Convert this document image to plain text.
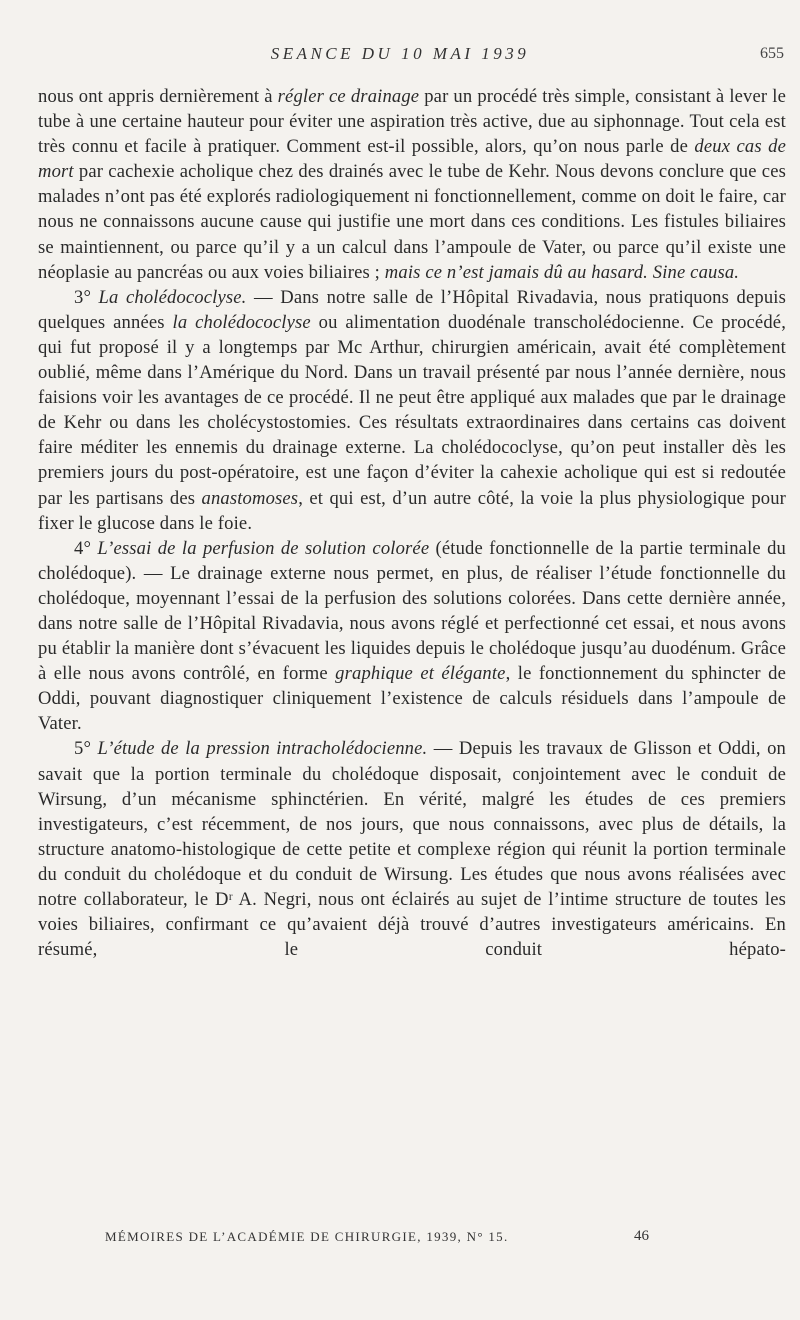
SEANCE DU 10 MAI 1939	655

nous ont appris dernièrement à régler ce drainage par un procédé très simple, consistant à lever le tube à une certaine hauteur pour éviter une aspiration très active, due au siphonnage. Tout cela est très connu et facile à pratiquer. Comment est-il possible, alors, qu’on nous parle de deux cas de mort par cachexie acholique chez des drainés avec le tube de Kehr. Nous devons conclure que ces malades n’ont pas été explorés radiologiquement ni fonctionnellement, comme on doit le faire, car nous ne connaissons aucune cause qui justifie une mort dans ces conditions. Les fistules biliaires se maintiennent, ou parce qu’il y a un calcul dans l’ampoule de Vater, ou parce qu’il existe une néoplasie au pancréas ou aux voies biliaires ; mais ce n’est jamais dû au hasard. Sine causa.

3° La cholédococlyse. — Dans notre salle de l’Hôpital Rivadavia, nous pratiquons depuis quelques années la cholédococlyse ou alimentation duodénale transcholédocienne. Ce procédé, qui fut proposé il y a longtemps par Mc Arthur, chirurgien américain, avait été complètement oublié, même dans l’Amérique du Nord. Dans un travail présenté par nous l’année dernière, nous faisions voir les avantages de ce procédé. Il ne peut être appliqué aux malades que par le drainage de Kehr ou dans les cholécystostomies. Ces résultats extraordinaires dans certains cas doivent faire méditer les ennemis du drainage externe. La cholédococlyse, qu’on peut installer dès les premiers jours du post-opératoire, est une façon d’éviter la cahexie acholique qui est si redoutée par les partisans des anastomoses, et qui est, d’un autre côté, la voie la plus physiologique pour fixer le glucose dans le foie.

4° L’essai de la perfusion de solution colorée (étude fonctionnelle de la partie terminale du cholédoque). — Le drainage externe nous permet, en plus, de réaliser l’étude fonctionnelle du cholédoque, moyennant l’essai de la perfusion des solutions colorées. Dans cette dernière année, dans notre salle de l’Hôpital Rivadavia, nous avons réglé et perfectionné cet essai, et nous avons pu établir la manière dont s’évacuent les liquides depuis le cholédoque jusqu’au duodénum. Grâce à elle nous avons contrôlé, en forme graphique et élégante, le fonctionnement du sphincter de Oddi, pouvant diagnostiquer cliniquement l’existence de calculs résiduels dans l’ampoule de Vater.

5° L’étude de la pression intracholédocienne. — Depuis les travaux de Glisson et Oddi, on savait que la portion terminale du cholédoque disposait, conjointement avec le conduit de Wirsung, d’un mécanisme sphinctérien. En vérité, malgré les études de ces premiers investigateurs, c’est récemment, de nos jours, que nous connaissons, avec plus de détails, la structure anatomo-histologique de cette petite et complexe région qui réunit la portion terminale du conduit du cholédoque et du conduit de Wirsung. Les études que nous avons réalisées avec notre collaborateur, le Dʳ A. Negri, nous ont éclairés au sujet de l’intime structure de toutes les voies biliaires, confirmant ce qu’avaient déjà trouvé d’autres investigateurs américains. En résumé, le conduit hépato-

MÉMOIRES DE L’ACADÉMIE DE CHIRURGIE, 1939, N° 15.	46
